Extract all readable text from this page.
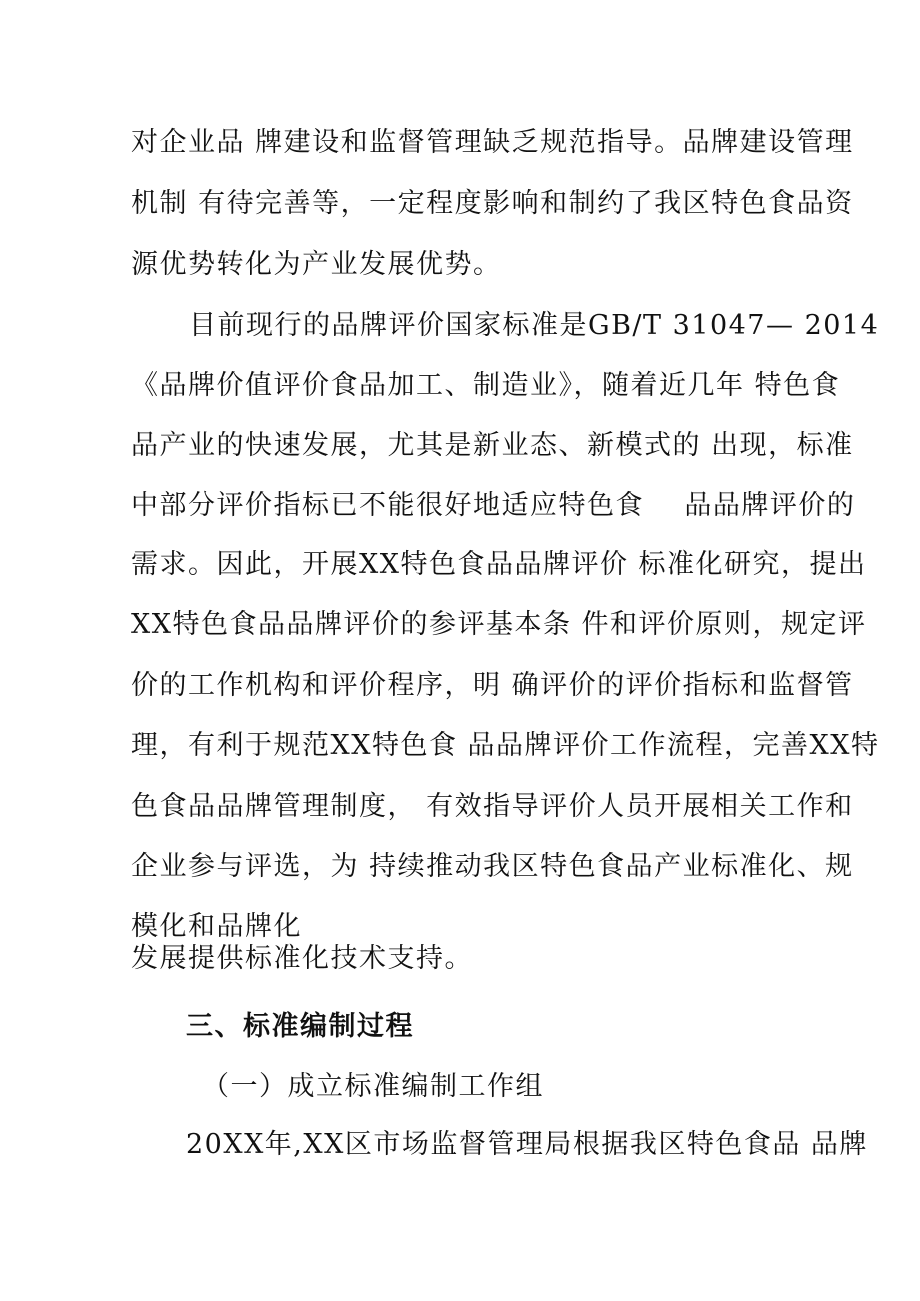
对企业品 牌建设和监督管理缺乏规范指导。品牌建设管理
机制 有待完善等，一定程度影响和制约了我区特色食品资
源优势转化为产业发展优势。
目前现行的品牌评价国家标准是GB/T 31047— 2014
《品牌价值评价食品加工、制造业》，随着近几年 特色食
品产业的快速发展，尤其是新业态、新模式的 出现，标准
中部分评价指标已不能很好地适应特色食    品品牌评价的
需求。因此，开展XX特色食品品牌评价 标准化研究，提出
XX特色食品品牌评价的参评基本条 件和评价原则，规定评
价的工作机构和评价程序，明 确评价的评价指标和监督管
理，有利于规范XX特色食 品品牌评价工作流程，完善XX特
色食品品牌管理制度， 有效指导评价人员开展相关工作和
企业参与评选，为 持续推动我区特色食品产业标准化、规
模化和品牌化
发展提供标准化技术支持。
三、标准编制过程
（一）成立标准编制工作组
20XX年,XX区市场监督管理局根据我区特色食品 品牌
